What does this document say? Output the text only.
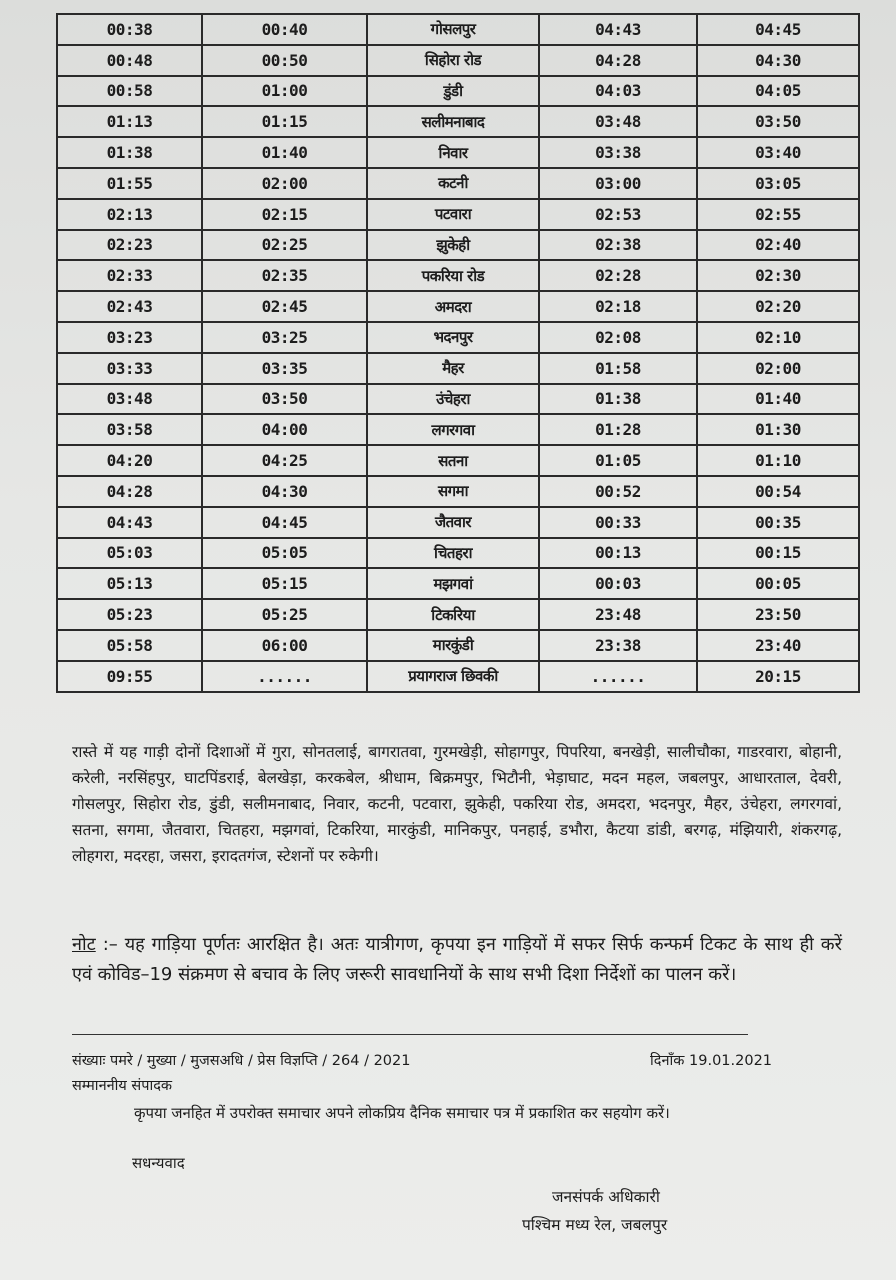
00:38	00:40	गोसलपुर	04:43	04:45
00:48	00:50	सिहोरा रोड	04:28	04:30
00:58	01:00	डुंडी	04:03	04:05
01:13	01:15	सलीमनाबाद	03:48	03:50
01:38	01:40	निवार	03:38	03:40
01:55	02:00	कटनी	03:00	03:05
02:13	02:15	पटवारा	02:53	02:55
02:23	02:25	झुकेही	02:38	02:40
02:33	02:35	पकरिया रोड	02:28	02:30
02:43	02:45	अमदरा	02:18	02:20
03:23	03:25	भदनपुर	02:08	02:10
03:33	03:35	मैहर	01:58	02:00
03:48	03:50	उंचेहरा	01:38	01:40
03:58	04:00	लगरगवा	01:28	01:30
04:20	04:25	सतना	01:05	01:10
04:28	04:30	सगमा	00:52	00:54
04:43	04:45	जैतवार	00:33	00:35
05:03	05:05	चितहरा	00:13	00:15
05:13	05:15	मझगवां	00:03	00:05
05:23	05:25	टिकरिया	23:48	23:50
05:58	06:00	मारकुंडी	23:38	23:40
09:55	......	प्रयागराज छिवकी	......	20:15
रास्ते में यह गाड़ी दोनों दिशाओं में गुरा, सोनतलाई, बागरातवा, गुरमखेड़ी, सोहागपुर, पिपरिया, बनखेड़ी, सालीचौका, गाडरवारा, बोहानी, करेली, नरसिंहपुर, घाटपिंडराई, बेलखेड़ा, करकबेल, श्रीधाम, बिक्रमपुर, भिटौनी, भेड़ाघाट, मदन महल, जबलपुर, आधारताल, देवरी, गोसलपुर, सिहोरा रोड, डुंडी, सलीमनाबाद, निवार, कटनी, पटवारा, झुकेही, पकरिया रोड, अमदरा, भदनपुर, मैहर, उंचेहरा, लगरगवां, सतना, सगमा, जैतवारा, चितहरा, मझगवां, टिकरिया, मारकुंडी, मानिकपुर, पनहाई, डभौरा, कैटया डांडी, बरगढ़, मंझियारी, शंकरगढ़, लोहगरा, मदरहा, जसरा, इरादतगंज, स्टेशनों पर रुकेगी।
नोट :– यह गाड़िया पूर्णतः आरक्षित है। अतः यात्रीगण, कृपया इन गाड़ियों में सफर सिर्फ कन्फर्म टिकट के साथ ही करें एवं कोविड–19 संक्रमण से बचाव के लिए जरूरी सावधानियों के साथ सभी दिशा निर्देशों का पालन करें।
संख्याः पमरे / मुख्या / मुजसअधि / प्रेस विज्ञप्ति / 264 / 2021	दिनाँक 19.01.2021
सम्माननीय संपादक
कृपया जनहित में उपरोक्त समाचार अपने लोकप्रिय दैनिक समाचार पत्र में प्रकाशित कर सहयोग करें।
सधन्यवाद
जनसंपर्क अधिकारी
पश्चिम मध्य रेल, जबलपुर
